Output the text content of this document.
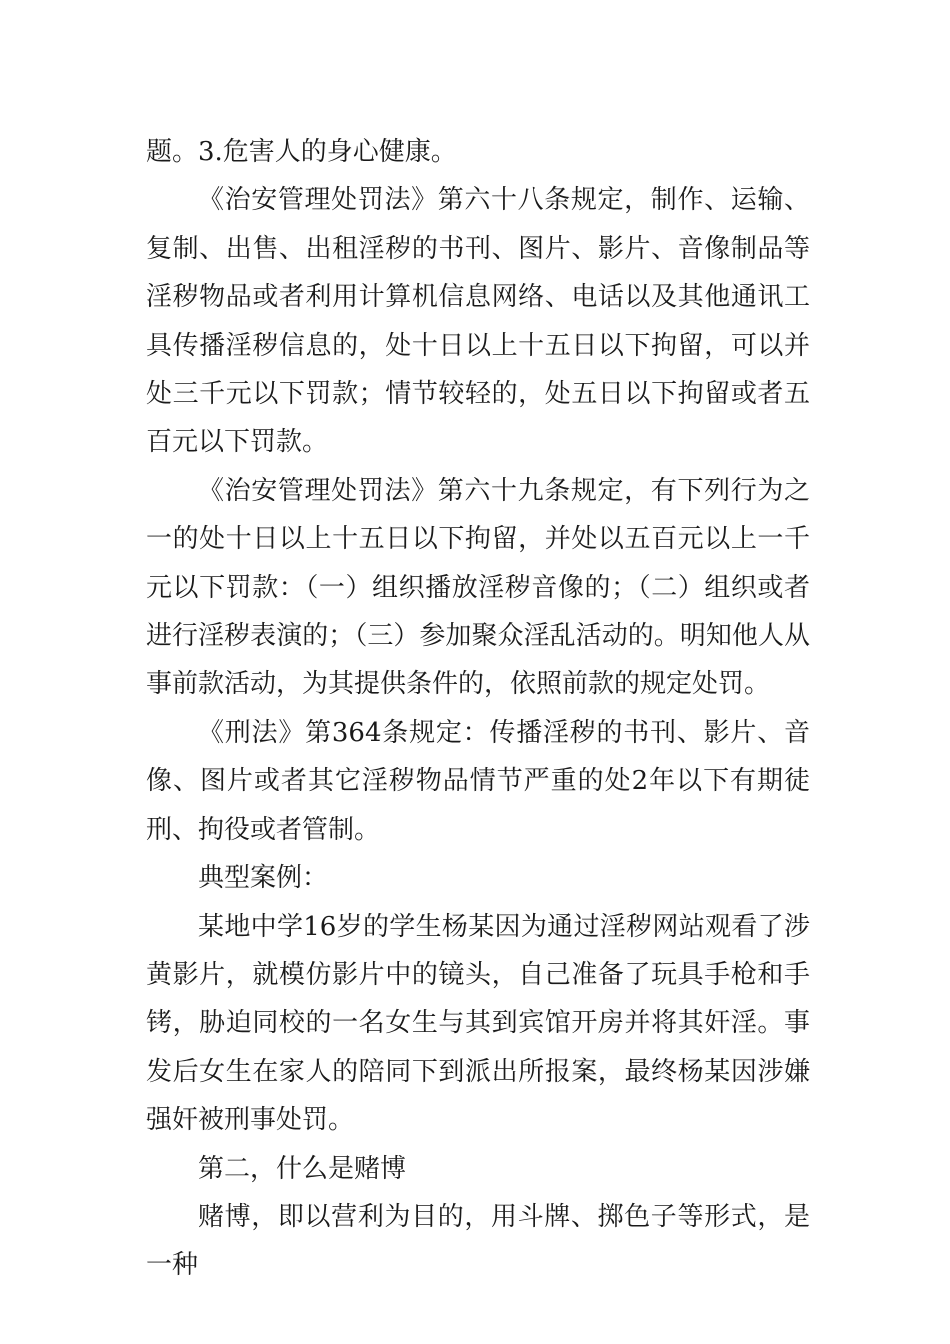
题。3.危害人的身心健康。

《治安管理处罚法》第六十八条规定，制作、运输、复制、出售、出租淫秽的书刊、图片、影片、音像制品等淫秽物品或者利用计算机信息网络、电话以及其他通讯工具传播淫秽信息的，处十日以上十五日以下拘留，可以并处三千元以下罚款；情节较轻的，处五日以下拘留或者五百元以下罚款。

《治安管理处罚法》第六十九条规定，有下列行为之一的处十日以上十五日以下拘留，并处以五百元以上一千元以下罚款：（一）组织播放淫秽音像的；（二）组织或者进行淫秽表演的；（三）参加聚众淫乱活动的。明知他人从事前款活动，为其提供条件的，依照前款的规定处罚。

《刑法》第364条规定：传播淫秽的书刊、影片、音像、图片或者其它淫秽物品情节严重的处2年以下有期徒刑、拘役或者管制。

典型案例：

某地中学16岁的学生杨某因为通过淫秽网站观看了涉黄影片，就模仿影片中的镜头，自己准备了玩具手枪和手铐，胁迫同校的一名女生与其到宾馆开房并将其奸淫。事发后女生在家人的陪同下到派出所报案，最终杨某因涉嫌强奸被刑事处罚。

第二，什么是赌博

赌博，即以营利为目的，用斗牌、掷色子等形式，是一种
